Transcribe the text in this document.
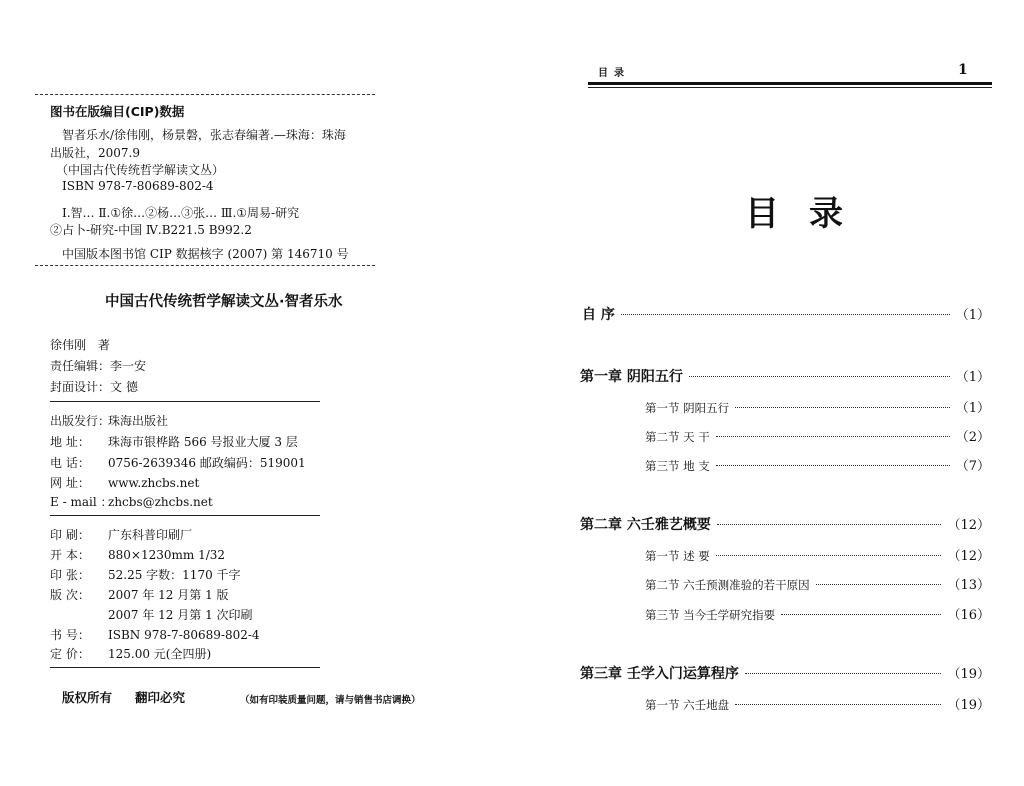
图书在版编目(CIP)数据
智者乐水/徐伟刚，杨景磐，张志春编著.—珠海：珠海
出版社，2007.9
（中国古代传统哲学解读文丛）
ISBN 978-7-80689-802-4
Ⅰ.智… Ⅱ.①徐…②杨…③张… Ⅲ.①周易-研究
②占卜-研究-中国 Ⅳ.B221.5 B992.2
中国版本图书馆 CIP 数据核字 (2007) 第 146710 号
中国古代传统哲学解读文丛·智者乐水
徐伟刚 著
责任编辑：李一安
封面设计：文 德
出版发行：珠海出版社
地 址： 珠海市银桦路 566 号报业大厦 3 层
电 话： 0756-2639346 邮政编码：519001
网 址： www.zhcbs.net
E - mail ：zhcbs@zhcbs.net
印 刷： 广东科普印刷厂
开 本： 880×1230mm 1/32
印 张： 52.25 字数：1170 千字
版 次： 2007 年 12 月第 1 版
2007 年 12 月第 1 次印刷
书 号： ISBN 978-7-80689-802-4
定 价： 125.00 元(全四册)
版权所有 翻印必究	（如有印装质量问题，请与销售书店调换）
目录	1
目录
自 序	（1）
第一章 阴阳五行	（1）
第一节 阴阳五行	（1）
第二节 天 干	（2）
第三节 地 支	（7）
第二章 六壬雅艺概要	（12）
第一节 述 要	（12）
第二节 六壬预测准验的若干原因	（13）
第三节 当今壬学研究指要	（16）
第三章 壬学入门运算程序	（19）
第一节 六壬地盘	（19）
